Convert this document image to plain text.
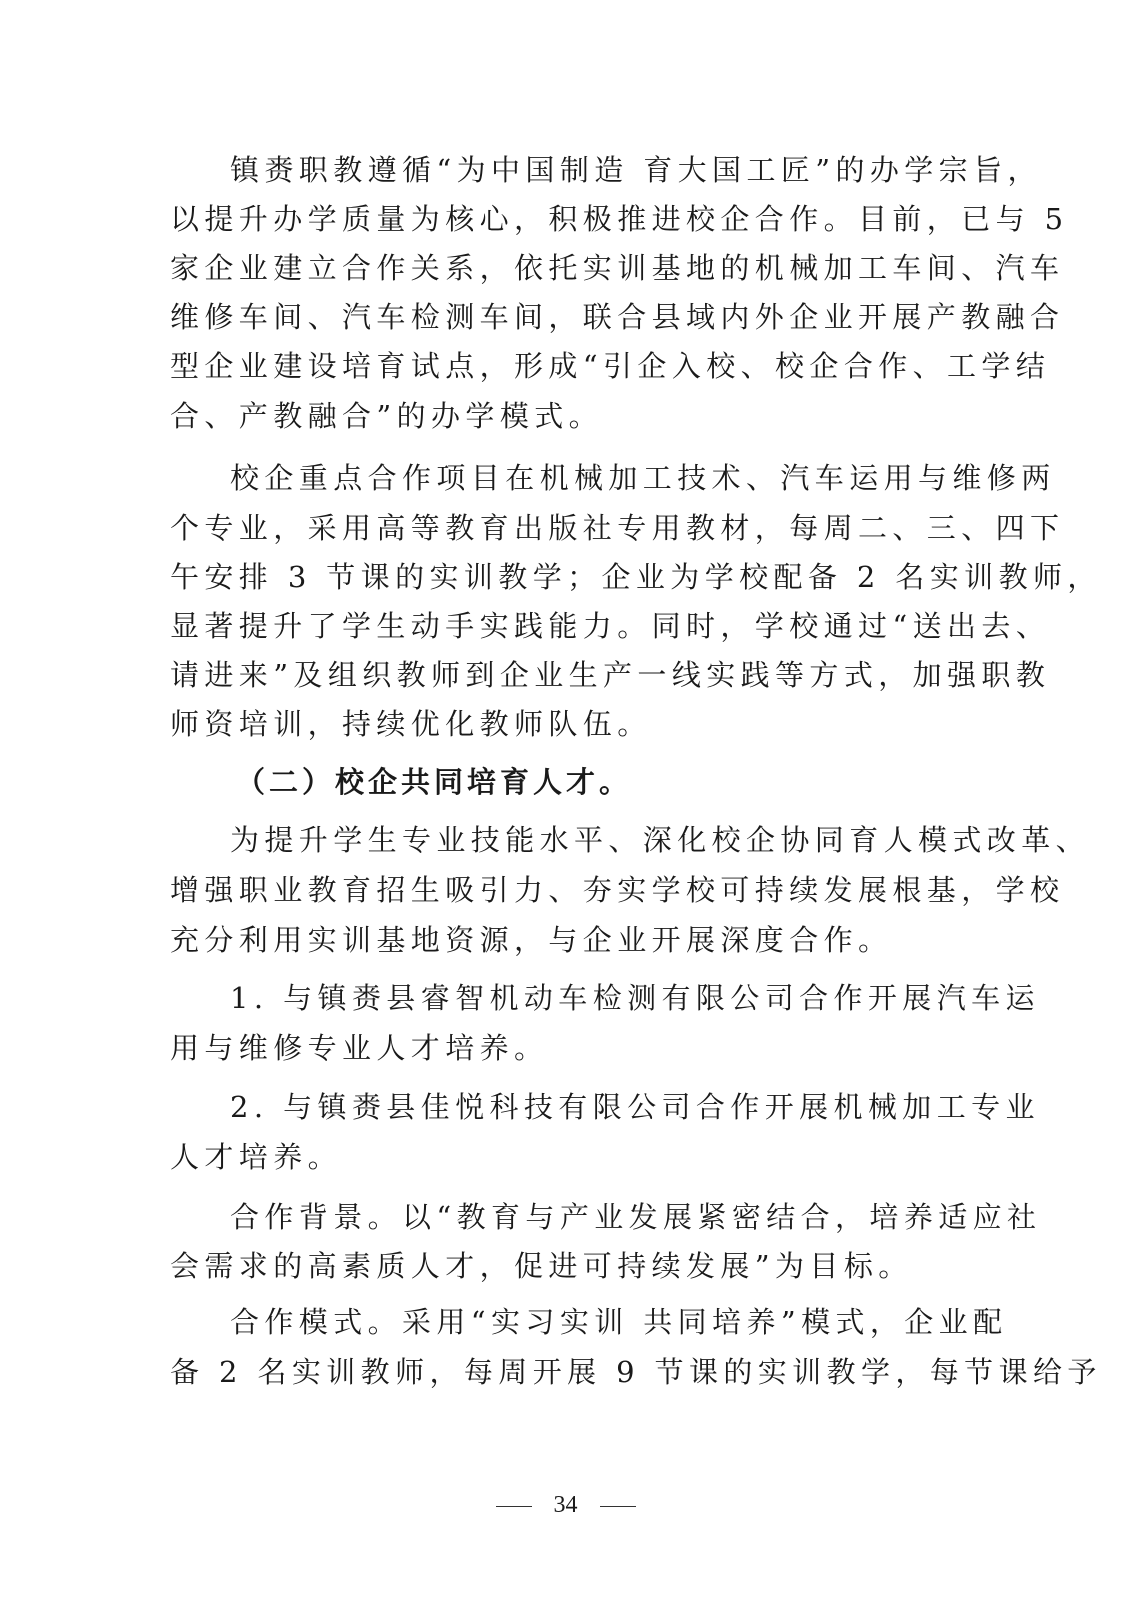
镇赉职教遵循“为中国制造 育大国工匠”的办学宗旨，
以提升办学质量为核心，积极推进校企合作。目前，已与 5
家企业建立合作关系，依托实训基地的机械加工车间、汽车
维修车间、汽车检测车间，联合县域内外企业开展产教融合
型企业建设培育试点，形成“引企入校、校企合作、工学结
合、产教融合”的办学模式。
校企重点合作项目在机械加工技术、汽车运用与维修两
个专业，采用高等教育出版社专用教材，每周二、三、四下
午安排 3 节课的实训教学；企业为学校配备 2 名实训教师，
显著提升了学生动手实践能力。同时，学校通过“送出去、
请进来”及组织教师到企业生产一线实践等方式，加强职教
师资培训，持续优化教师队伍。
（二）校企共同培育人才。
为提升学生专业技能水平、深化校企协同育人模式改革、
增强职业教育招生吸引力、夯实学校可持续发展根基，学校
充分利用实训基地资源，与企业开展深度合作。
1. 与镇赉县睿智机动车检测有限公司合作开展汽车运
用与维修专业人才培养。
2. 与镇赉县佳悦科技有限公司合作开展机械加工专业
人才培养。
合作背景。以“教育与产业发展紧密结合，培养适应社
会需求的高素质人才，促进可持续发展”为目标。
合作模式。采用“实习实训 共同培养”模式，企业配
备 2 名实训教师，每周开展 9 节课的实训教学，每节课给予
34
